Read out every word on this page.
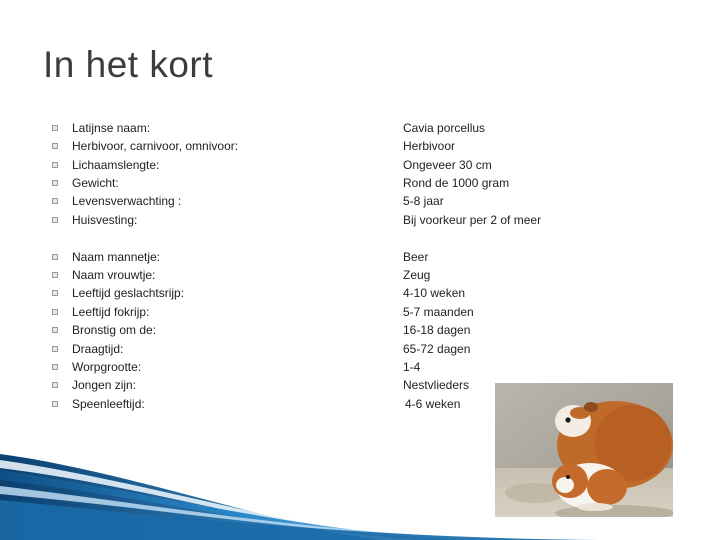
In het kort
Latijnse naam:	Cavia porcellus
Herbivoor, carnivoor, omnivoor:	Herbivoor
Lichaamslengte:	Ongeveer 30 cm
Gewicht:	Rond de 1000 gram
Levensverwachting :	5-8 jaar
Huisvesting:	Bij voorkeur per 2 of meer
Naam mannetje:	Beer
Naam vrouwtje:	Zeug
Leeftijd geslachtsrijp:	4-10 weken
Leeftijd fokrijp:	5-7 maanden
Bronstig om de:	16-18 dagen
Draagtijd:	65-72 dagen
Worpgrootte:	1-4
Jongen zijn:	Nestvlieders
Speenleeftijd:	4-6 weken
